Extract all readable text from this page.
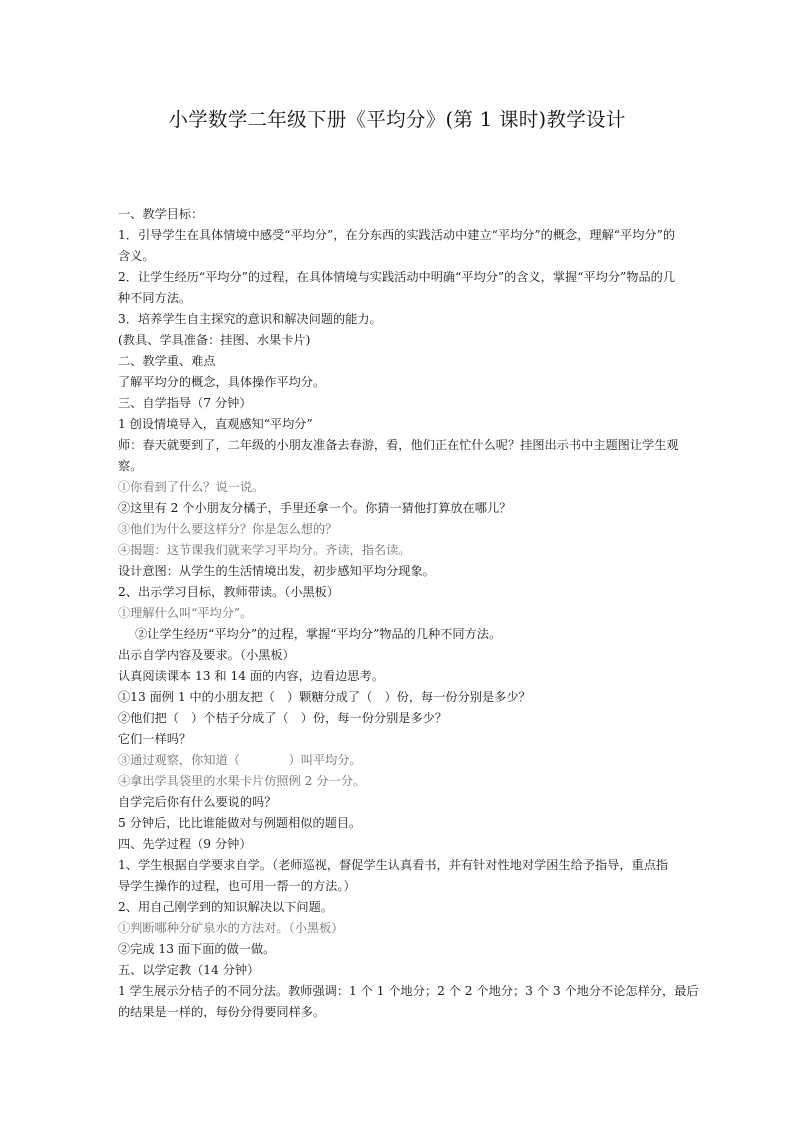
小学数学二年级下册《平均分》(第 1 课时)教学设计
一、教学目标：
1．引导学生在具体情境中感受“平均分”，在分东西的实践活动中建立“平均分”的概念，理解“平均分”的
含义。
2．让学生经历“平均分”的过程，在具体情境与实践活动中明确“平均分”的含义，掌握“平均分”物品的几
种不同方法。
3．培养学生自主探究的意识和解决问题的能力。
(教具、学具准备：挂图、水果卡片)
二、教学重、难点
了解平均分的概念，具体操作平均分。
三、自学指导（7 分钟）
1 创设情境导入，直观感知“平均分”
师：春天就要到了，二年级的小朋友准备去春游，看，他们正在忙什么呢？挂图出示书中主题图让学生观
察。
①你看到了什么？说一说。
②这里有 2 个小朋友分橘子，手里还拿一个。你猜一猜他打算放在哪儿？
③他们为什么要这样分？你是怎么想的？
④揭题：这节课我们就来学习平均分。齐读，指名读。
设计意图：从学生的生活情境出发，初步感知平均分现象。
2、出示学习目标，教师带读。（小黑板）
①理解什么叫“平均分”。
②让学生经历“平均分”的过程，掌握“平均分”物品的几种不同方法。
出示自学内容及要求。（小黑板）
认真阅读课本 13 和 14 面的内容，边看边思考。
①13 面例 1 中的小朋友把（　）颗糖分成了（　）份，每一份分别是多少？
②他们把（　）个桔子分成了（　）份，每一份分别是多少？
它们一样吗？
③通过观察，你知道（　　　　）叫平均分。
④拿出学具袋里的水果卡片仿照例 2 分一分。
自学完后你有什么要说的吗？
5 分钟后，比比谁能做对与例题相似的题目。
四、先学过程（9 分钟）
1、学生根据自学要求自学。（老师巡视，督促学生认真看书，并有针对性地对学困生给予指导，重点指
导学生操作的过程，也可用一帮一的方法。）
2、用自己刚学到的知识解决以下问题。
①判断哪种分矿泉水的方法对。（小黑板）
②完成 13 面下面的做一做。
五、以学定教（14 分钟）
1 学生展示分桔子的不同分法。教师强调：1 个 1 个地分；2 个 2 个地分；3 个 3 个地分不论怎样分，最后
的结果是一样的，每份分得要同样多。
